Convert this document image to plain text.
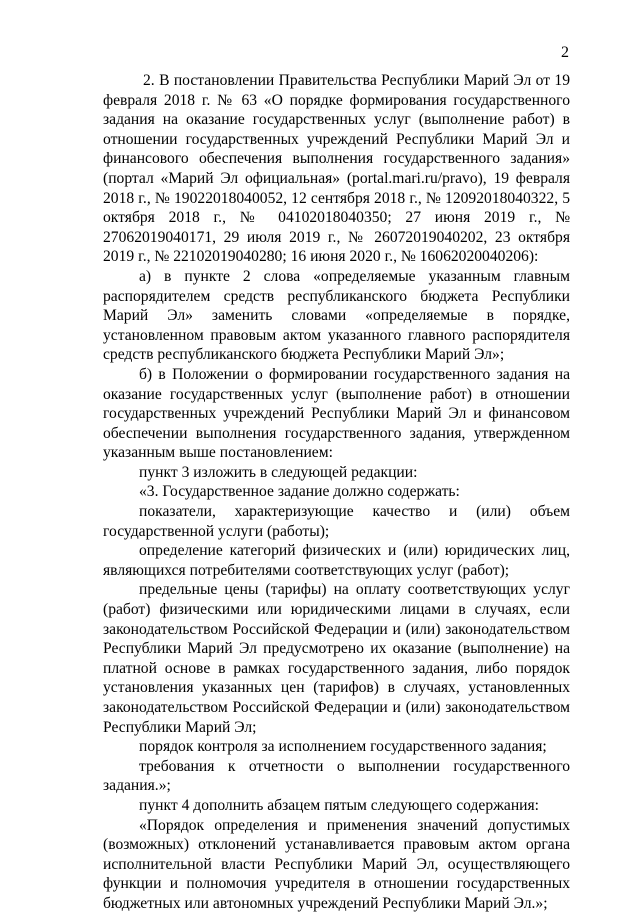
2

2. В постановлении Правительства Республики Марий Эл от 19 февраля 2018 г. № 63 «О порядке формирования государственного задания на оказание государственных услуг (выполнение работ) в отношении государственных учреждений Республики Марий Эл и финансового обеспечения выполнения государственного задания» (портал «Марий Эл официальная» (portal.mari.ru/pravo), 19 февраля 2018 г., № 19022018040052, 12 сентября 2018 г., № 12092018040322, 5 октября 2018 г., № 04102018040350; 27 июня 2019 г., № 27062019040171, 29 июля 2019 г., № 26072019040202, 23 октября 2019 г., № 22102019040280; 16 июня 2020 г., № 16062020040206):

а) в пункте 2 слова «определяемые указанным главным распорядителем средств республиканского бюджета Республики Марий Эл» заменить словами «определяемые в порядке, установленном правовым актом указанного главного распорядителя средств республиканского бюджета Республики Марий Эл»;

б) в Положении о формировании государственного задания на оказание государственных услуг (выполнение работ) в отношении государственных учреждений Республики Марий Эл и финансовом обеспечении выполнения государственного задания, утвержденном указанным выше постановлением:

пункт 3 изложить в следующей редакции:

«3. Государственное задание должно содержать:

показатели, характеризующие качество и (или) объем государственной услуги (работы);

определение категорий физических и (или) юридических лиц, являющихся потребителями соответствующих услуг (работ);

предельные цены (тарифы) на оплату соответствующих услуг (работ) физическими или юридическими лицами в случаях, если законодательством Российской Федерации и (или) законодательством Республики Марий Эл предусмотрено их оказание (выполнение) на платной основе в рамках государственного задания, либо порядок установления указанных цен (тарифов) в случаях, установленных законодательством Российской Федерации и (или) законодательством Республики Марий Эл;

порядок контроля за исполнением государственного задания;

требования к отчетности о выполнении государственного задания.»;

пункт 4 дополнить абзацем пятым следующего содержания:

«Порядок определения и применения значений допустимых (возможных) отклонений устанавливается правовым актом органа исполнительной власти Республики Марий Эл, осуществляющего функции и полномочия учредителя в отношении государственных бюджетных или автономных учреждений Республики Марий Эл.»;
